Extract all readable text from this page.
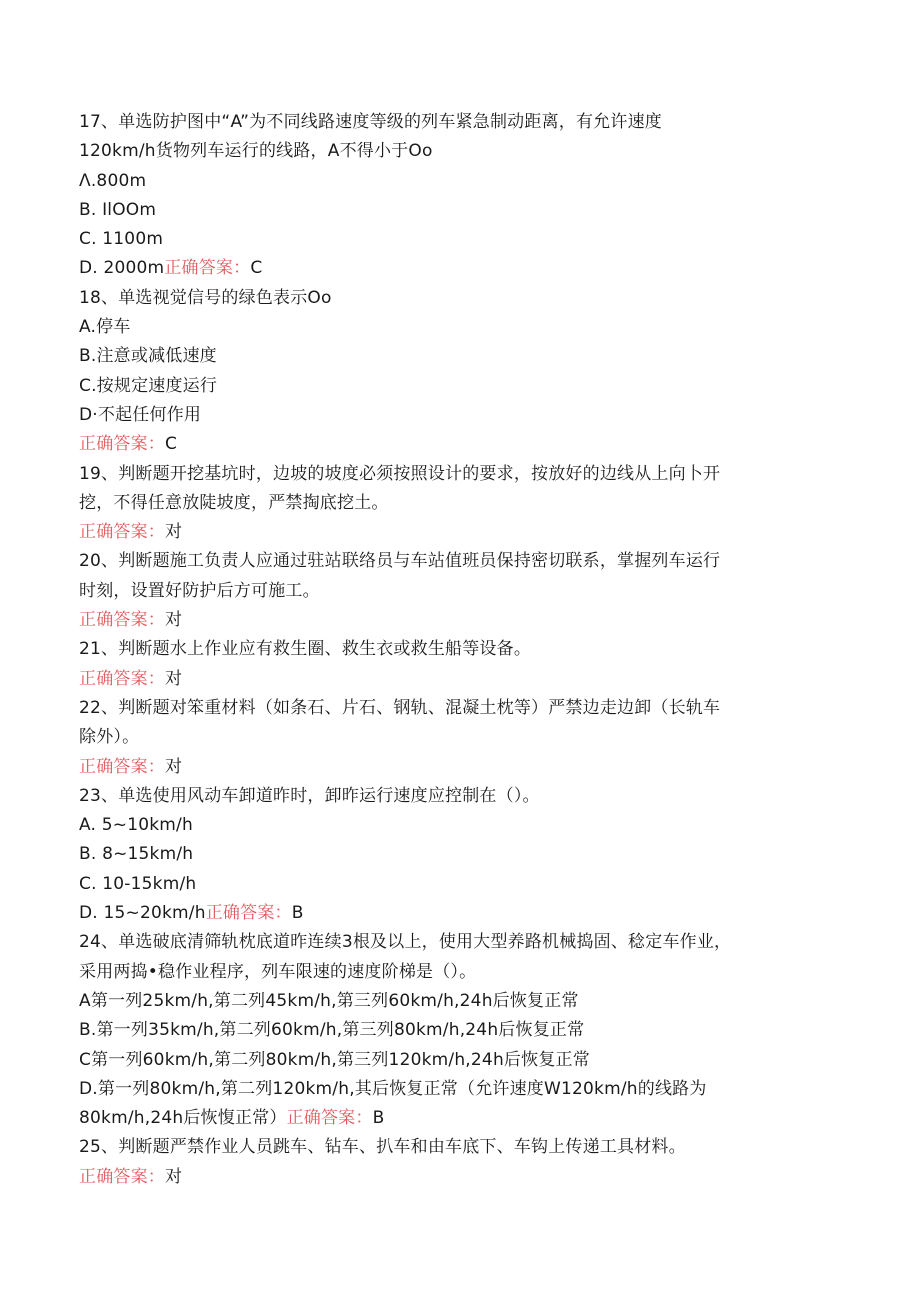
17、单选防护图中“A”为不同线路速度等级的列车紧急制动距离，有允许速度
120km/h货物列车运行的线路，A不得小于Oo
Λ.800m
B. IlOOm
C. 1100m
D. 2000m正确答案：C
18、单选视觉信号的绿色表示Oo
A.停车
B.注意或减低速度
C.按规定速度运行
D·不起任何作用
正确答案：C
19、判断题开挖基坑时，边坡的坡度必须按照设计的要求，按放好的边线从上向卜开
挖，不得任意放陡坡度，严禁掏底挖土。
正确答案：对
20、判断题施工负责人应通过驻站联络员与车站值班员保持密切联系，掌握列车运行
时刻，设置好防护后方可施工。
正确答案：对
21、判断题水上作业应有救生圈、救生衣或救生船等设备。
正确答案：对
22、判断题对笨重材料（如条石、片石、钢轨、混凝土枕等）严禁边走边卸（长轨车
除外）。
正确答案：对
23、单选使用风动车卸道昨时，卸昨运行速度应控制在（）。
A. 5~10km/h
B. 8~15km/h
C. 10-15km/h
D. 15~20km/h正确答案：B
24、单选破底清筛轨枕底道昨连续3根及以上，使用大型养路机械捣固、稔定车作业，
采用两捣•稳作业程序，列车限速的速度阶梯是（）。
A第一列25km/h,第二列45km/h,第三列60km/h,24h后恢复正常
B.第一列35km/h,第二列60km/h,第三列80km/h,24h后恢复正常
C第一列60km/h,第二列80km/h,第三列120km/h,24h后恢复正常
D.第一列80km/h,第二列120km/h,其后恢复正常（允许速度W120km/h的线路为
80km/h,24h后恢愎正常）正确答案：B
25、判断题严禁作业人员跳车、钻车、扒车和由车底下、车钩上传递工具材料。
正确答案：对
